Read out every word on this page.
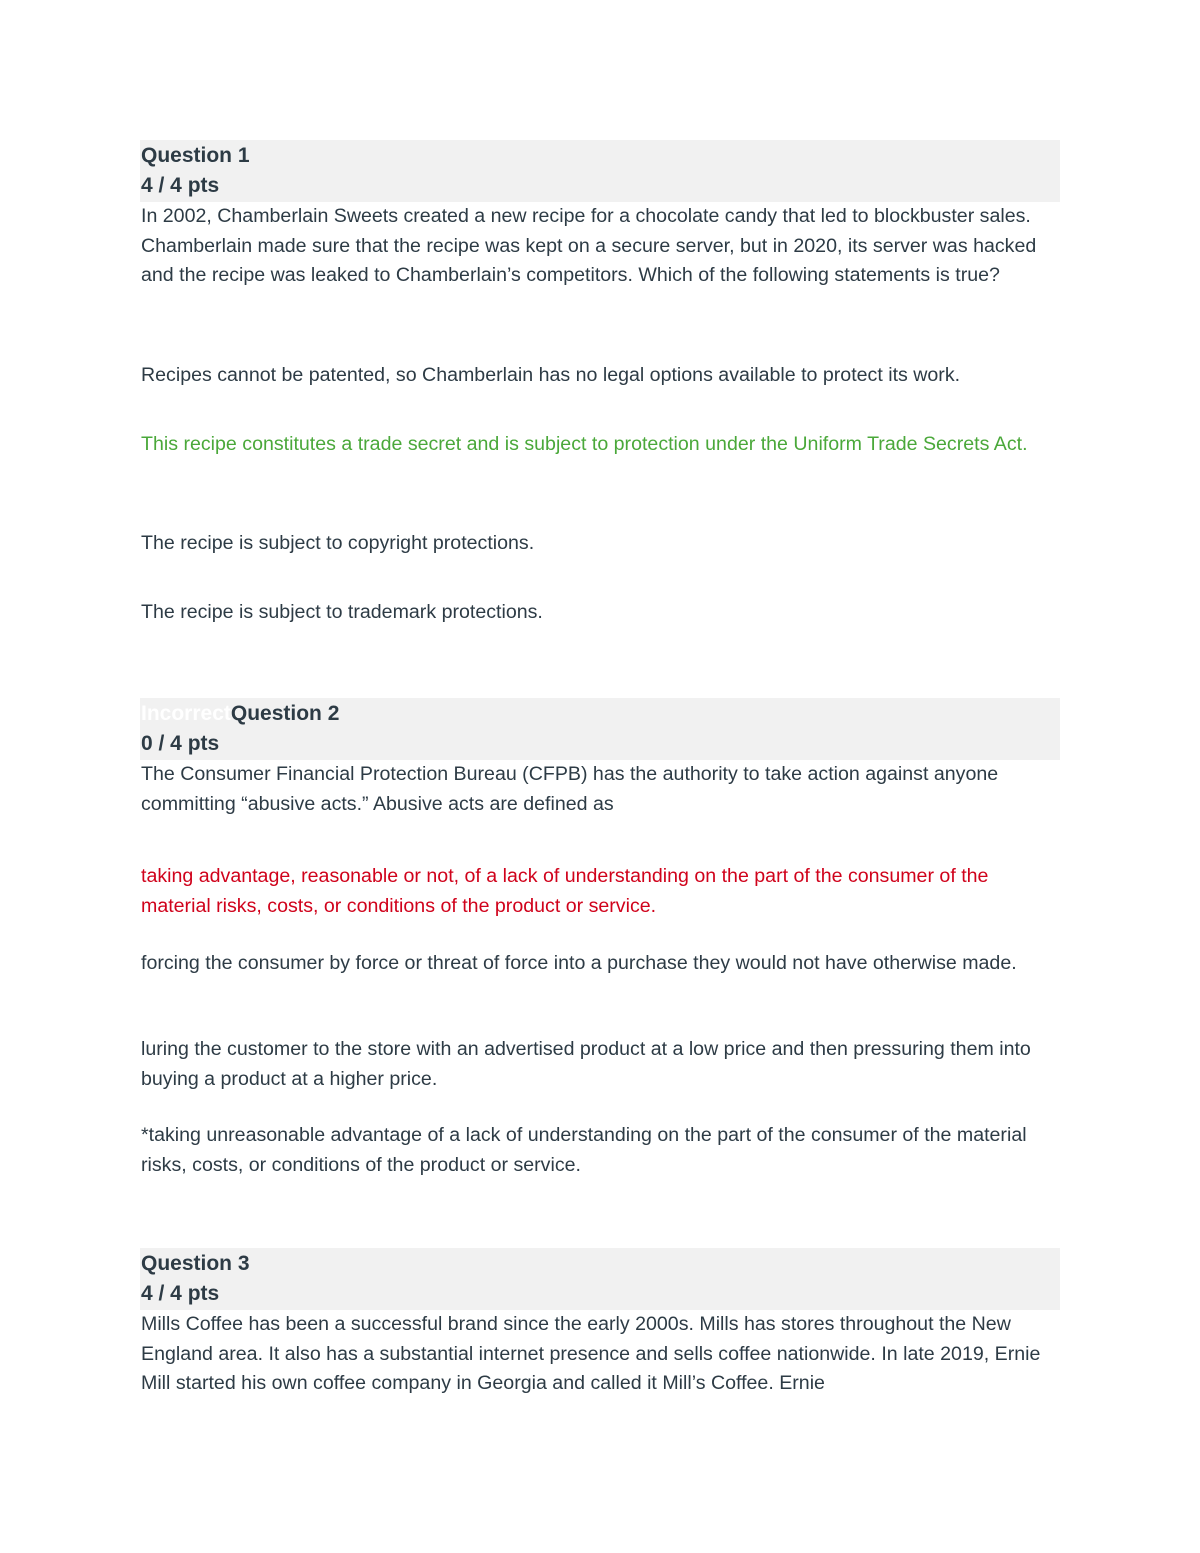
Question 1
4 / 4 pts
In 2002, Chamberlain Sweets created a new recipe for a chocolate candy that led to blockbuster sales. Chamberlain made sure that the recipe was kept on a secure server, but in 2020, its server was hacked and the recipe was leaked to Chamberlain’s competitors. Which of the following statements is true?
Recipes cannot be patented, so Chamberlain has no legal options available to protect its work.
This recipe constitutes a trade secret and is subject to protection under the Uniform Trade Secrets Act.
The recipe is subject to copyright protections.
The recipe is subject to trademark protections.
IncorrectQuestion 2
0 / 4 pts
The Consumer Financial Protection Bureau (CFPB) has the authority to take action against anyone committing “abusive acts.” Abusive acts are defined as
taking advantage, reasonable or not, of a lack of understanding on the part of the consumer of the material risks, costs, or conditions of the product or service.
forcing the consumer by force or threat of force into a purchase they would not have otherwise made.
luring the customer to the store with an advertised product at a low price and then pressuring them into buying a product at a higher price.
*taking unreasonable advantage of a lack of understanding on the part of the consumer of the material risks, costs, or conditions of the product or service.
Question 3
4 / 4 pts
Mills Coffee has been a successful brand since the early 2000s. Mills has stores throughout the New England area. It also has a substantial internet presence and sells coffee nationwide. In late 2019, Ernie Mill started his own coffee company in Georgia and called it Mill’s Coffee. Ernie
